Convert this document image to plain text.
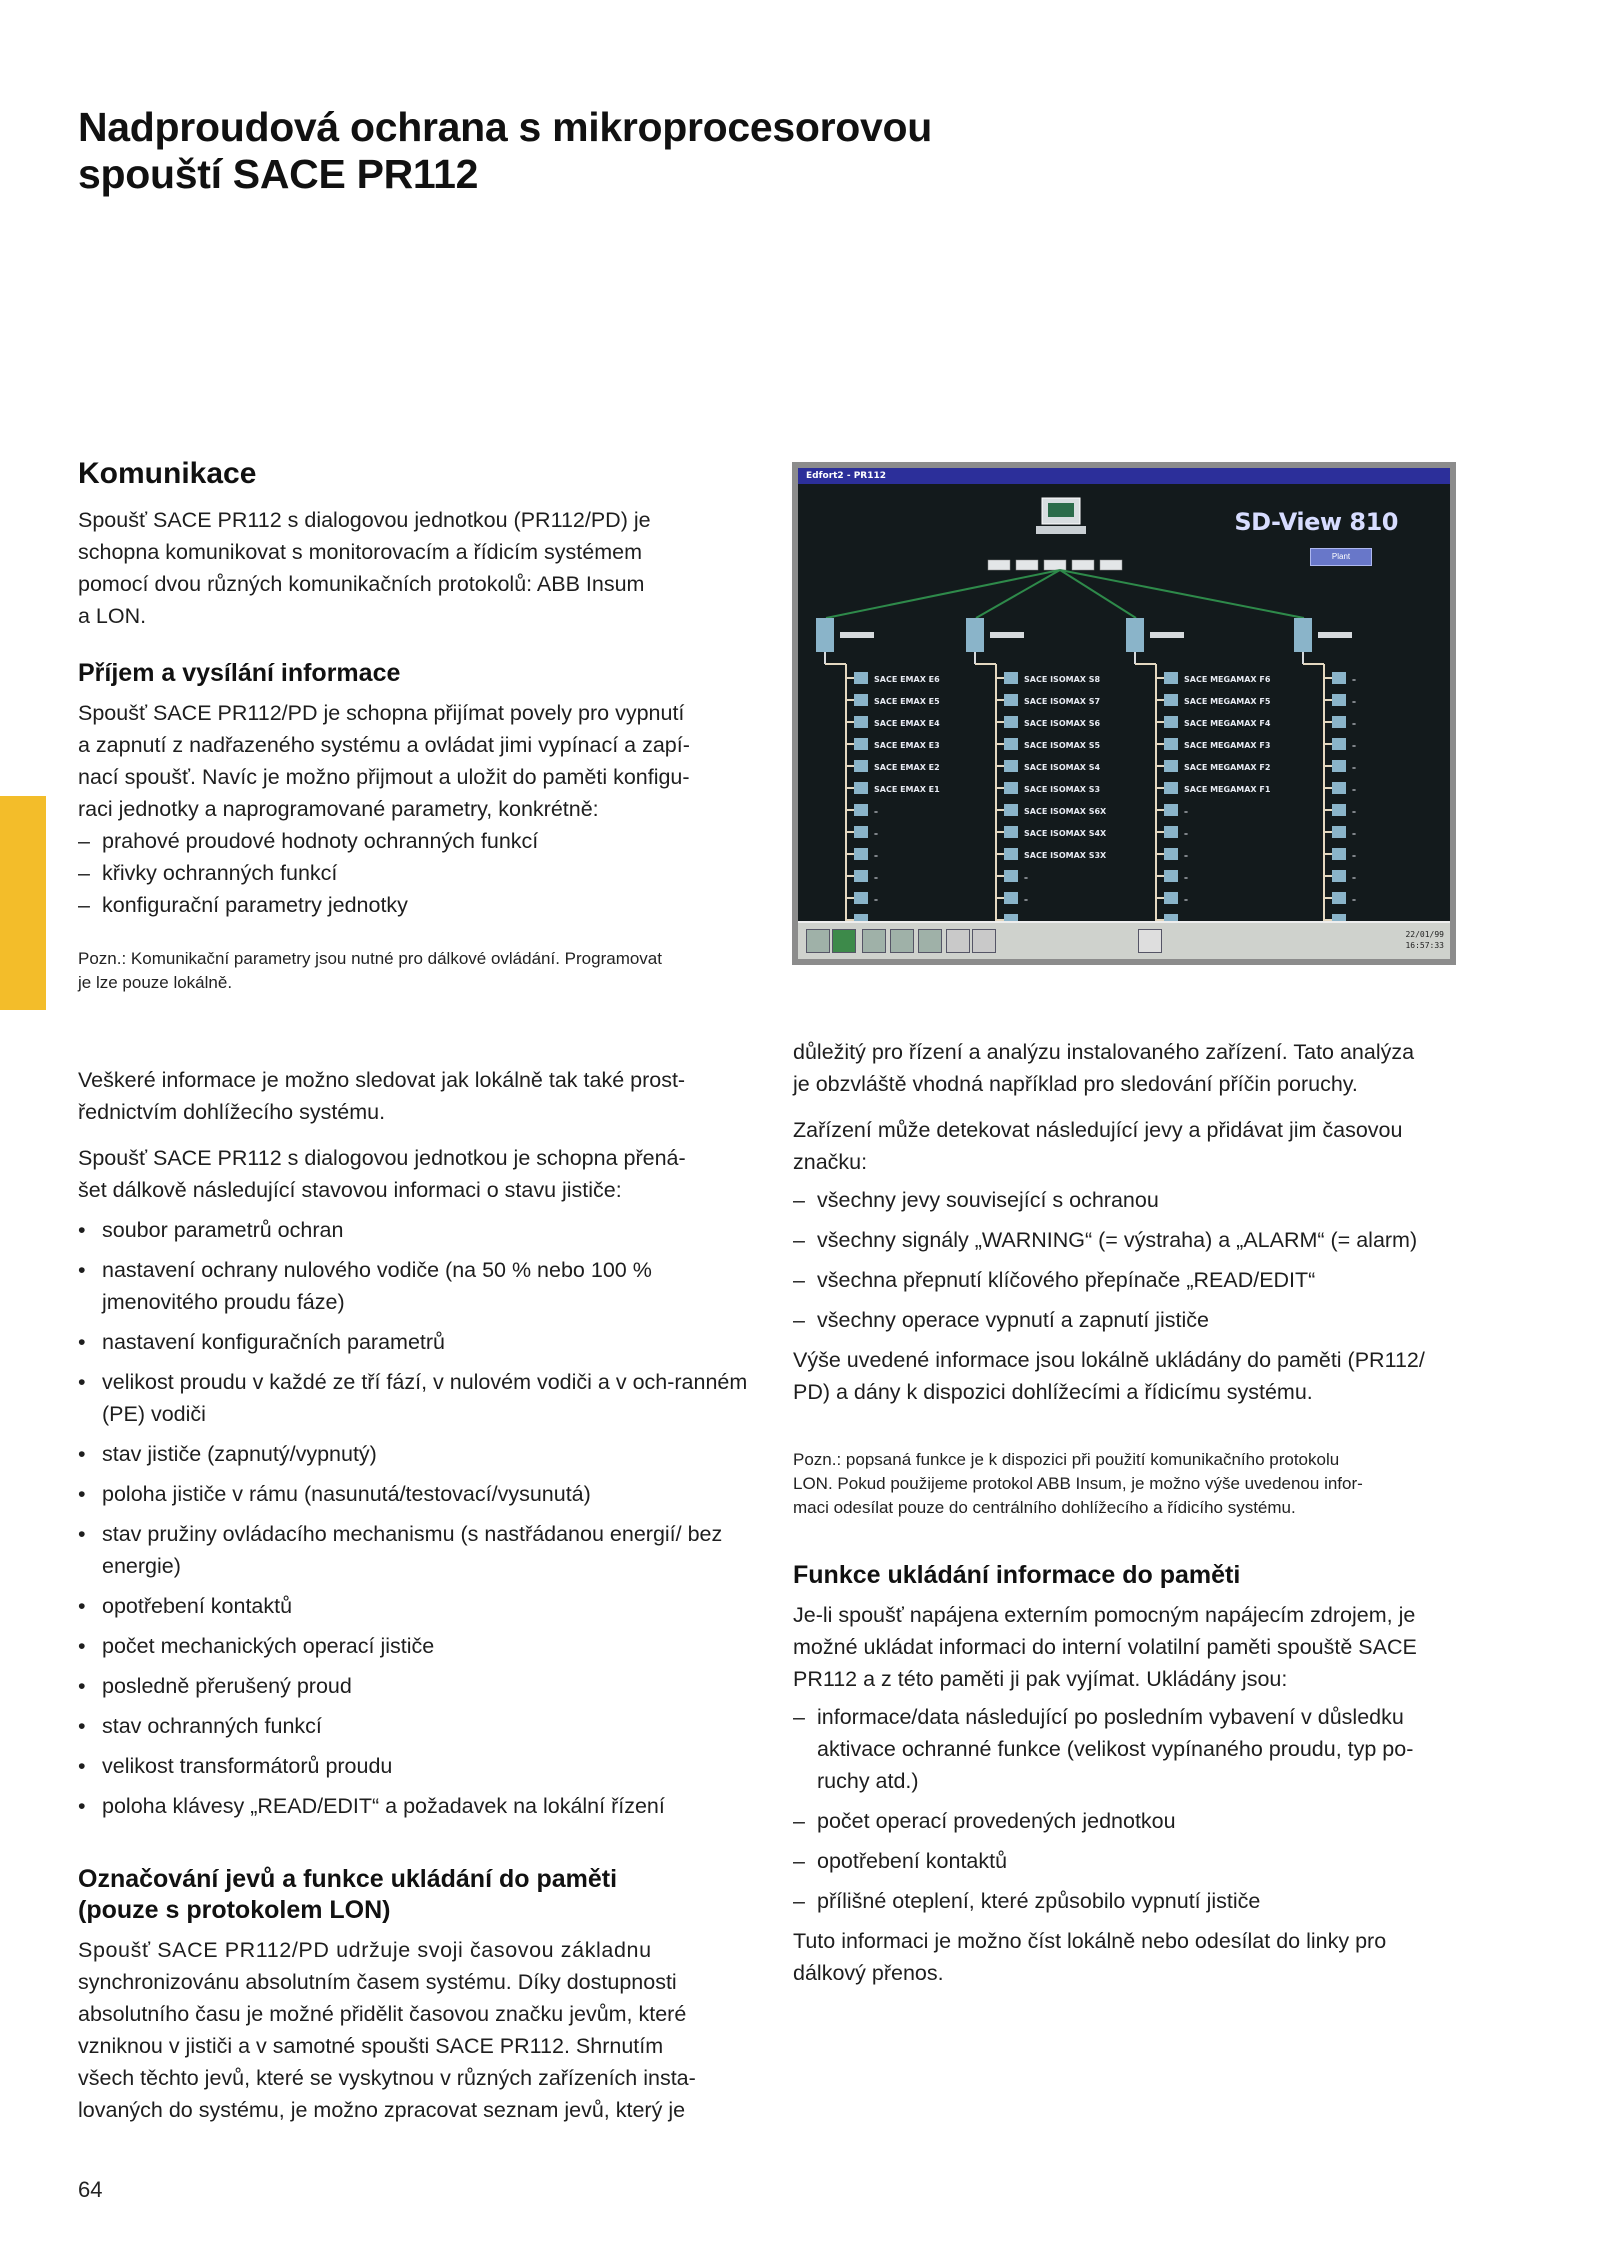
Nadproudová ochrana s mikroprocesorovou
spouští SACE PR112
Komunikace

Spoušť SACE PR112 s dialogovou jednotkou (PR112/PD) je

schopna komunikovat s monitorovacím a řídicím systémem

pomocí dvou různých komunikačních protokolů: ABB Insum

a LON.

Příjem a vysílání informace

Spoušť SACE PR112/PD je schopna přijímat povely pro vypnutí

a zapnutí z nadřazeného systému a ovládat jimi vypínací a zapí-

nací spoušť. Navíc je možno přijmout a uložit do paměti konfigu-

raci jednotky a naprogramované parametry, konkrétně:

– prahové proudové hodnoty ochranných funkcí
– křivky ochranných funkcí
– konfigurační parametry jednotky

Pozn.: Komunikační parametry jsou nutné pro dálkové ovládání. Programovat

je lze pouze lokálně.

Veškeré informace je možno sledovat jak lokálně tak také prost-

řednictvím dohlížecího systému.

Spoušť SACE PR112 s dialogovou jednotkou je schopna přená-

šet dálkově následující stavovou informaci o stavu jističe:

• soubor parametrů ochran
• nastavení ochrany nulového vodiče (na 50 % nebo 100 % jmenovitého proudu fáze)
• nastavení konfiguračních parametrů
• velikost proudu v každé ze tří fází, v nulovém vodiči a v och-ranném (PE) vodiči
• stav jističe (zapnutý/vypnutý)
• poloha jističe v rámu (nasunutá/testovací/vysunutá)
• stav pružiny ovládacího mechanismu (s nastřádanou energií/ bez energie)
• opotřebení kontaktů
• počet mechanických operací jističe
• posledně přerušený proud
• stav ochranných funkcí
• velikost transformátorů proudu
• poloha klávesy „READ/EDIT“ a požadavek na lokální řízení
Označování jevů a funkce ukládání do paměti
(pouze s protokolem LON)

Spoušť SACE PR112/PD udržuje svoji časovou základnu

synchronizovánu absolutním časem systému. Díky dostupnosti

absolutního času je možné přidělit časovou značku jevům, které

vzniknou v jističi a v samotné spoušti SACE PR112. Shrnutím

všech těchto jevů, které se vyskytnou v různých zařízeních insta-

lovaných do systému, je možno zpracovat seznam jevů, který je

Edfort2 - PR112
SD-View 810
Plant
SACE EMAX E6
SACE EMAX E5
SACE EMAX E4
SACE EMAX E3
SACE EMAX E2
SACE EMAX E1
–
–
–
–
–
SACE ISOMAX S8
SACE ISOMAX S7
SACE ISOMAX S6
SACE ISOMAX S5
SACE ISOMAX S4
SACE ISOMAX S3
SACE ISOMAX S6X
SACE ISOMAX S4X
SACE ISOMAX S3X
–
–
SACE MEGAMAX F6
SACE MEGAMAX F5
SACE MEGAMAX F4
SACE MEGAMAX F3
SACE MEGAMAX F2
SACE MEGAMAX F1
–
–
–
–
–
–
–
–
–
–
–
–
–
–
–
–
22/01/99
16:57:33

důležitý pro řízení a analýzu instalovaného zařízení. Tato analýza

je obzvláště vhodná například pro sledování příčin poruchy.

Zařízení může detekovat následující jevy a přidávat jim časovou

značku:

– všechny jevy související s ochranou
– všechny signály „WARNING“ (= výstraha) a „ALARM“ (= alarm)
– všechna přepnutí klíčového přepínače „READ/EDIT“
– všechny operace vypnutí a zapnutí jističe

Výše uvedené informace jsou lokálně ukládány do paměti (PR112/

PD) a dány k dispozici dohlížecími a řídicímu systému.

Pozn.: popsaná funkce je k dispozici při použití komunikačního protokolu

LON. Pokud použijeme protokol ABB Insum, je možno výše uvedenou infor-

maci odesílat pouze do centrálního dohlížecího a řídicího systému.

Funkce ukládání informace do paměti

Je-li spoušť napájena externím pomocným napájecím zdrojem, je

možné ukládat informaci do interní volatilní paměti spouště SACE

PR112 a z této paměti ji pak vyjímat. Ukládány jsou:

– informace/data následující po posledním vybavení v důsledku aktivace ochranné funkce (velikost vypínaného proudu, typ po-ruchy atd.)
– počet operací provedených jednotkou
– opotřebení kontaktů
– přílišné oteplení, které způsobilo vypnutí jističe

Tuto informaci je možno číst lokálně nebo odesílat do linky pro

dálkový přenos.

64
